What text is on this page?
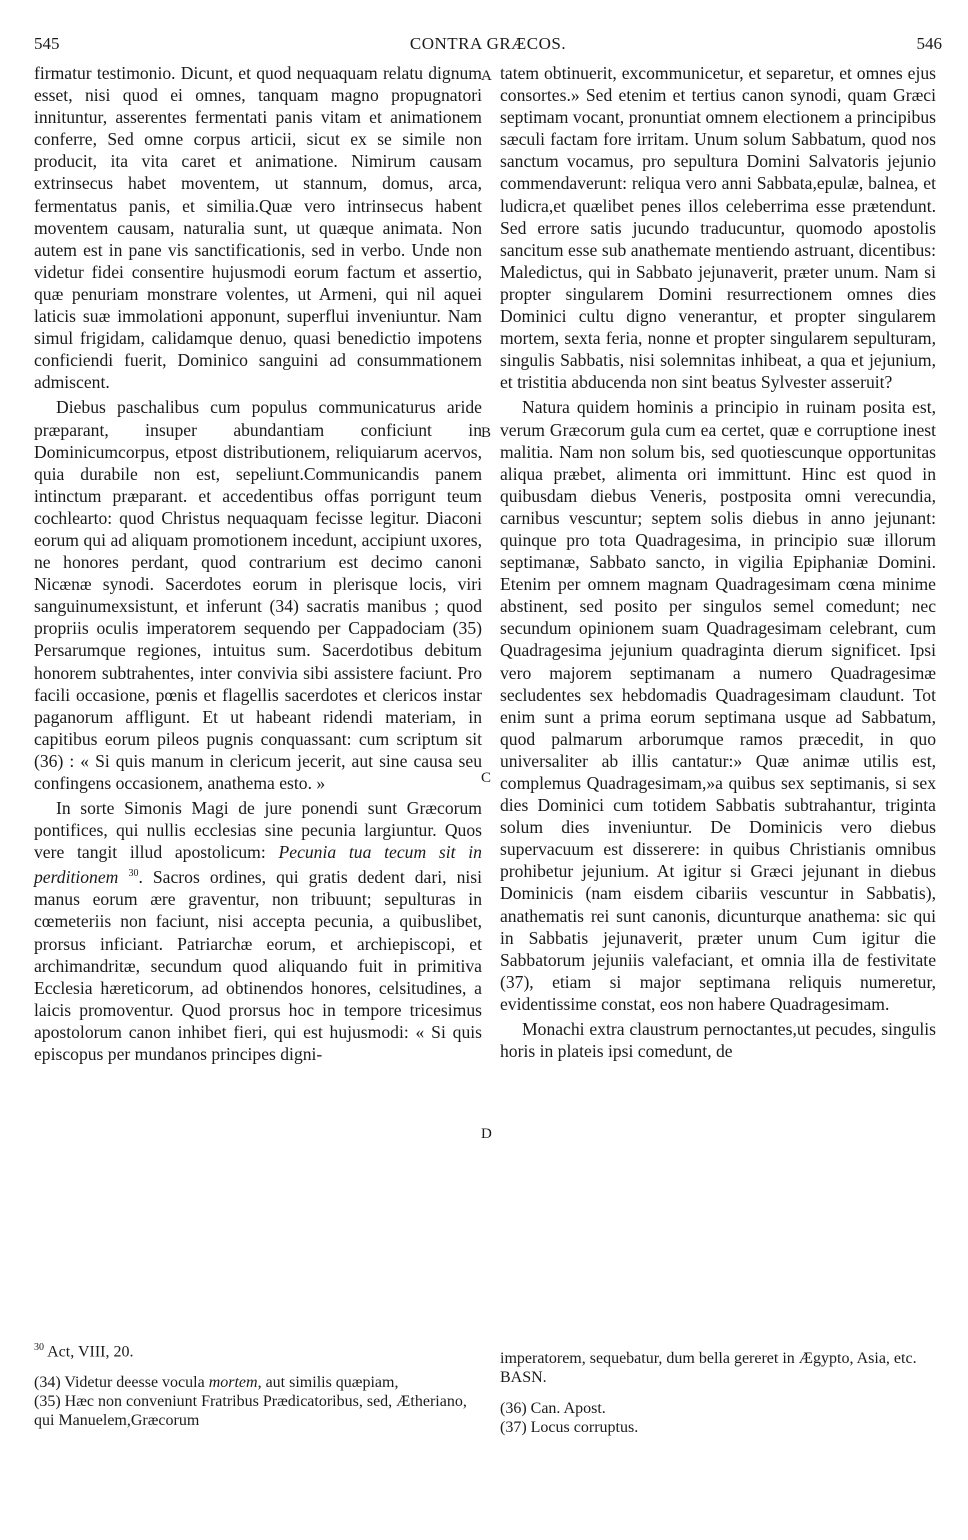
545	CONTRA GRÆCOS.	546
A
B
C
D

firmatur testimonio. Dicunt, et quod nequaquam relatu dignum esset, nisi quod ei omnes, tanquam magno propugnatori innituntur, asserentes fermentati panis vitam et animationem conferre, Sed omne corpus articii, sicut ex se simile non producit, ita vita caret et animatione. Nimirum causam extrinsecus habet moventem, ut stannum, domus, arca, fermentatus panis, et similia.Quæ vero intrinsecus habent moventem causam, naturalia sunt, ut quæque animata. Non autem est in pane vis sanctificationis, sed in verbo. Unde non videtur fidei consentire hujusmodi eorum factum et assertio, quæ penuriam monstrare volentes, ut Armeni, qui nil aquei laticis suæ immolationi apponunt, superflui inveniuntur. Nam simul frigidam, calidamque denuo, quasi benedictio impotens conficiendi fuerit, Dominico sanguini ad consummationem admiscent.

Diebus paschalibus cum populus communicaturus aride præparant, insuper abundantiam conficiunt in Dominicumcorpus, etpost distributionem, reliquiarum acervos, quia durabile non est, sepeliunt.Communicandis panem intinctum præparant. et accedentibus offas porrigunt teum cochlearto: quod Christus nequaquam fecisse legitur. Diaconi eorum qui ad aliquam promotionem incedunt, accipiunt uxores, ne honores perdant, quod contrarium est decimo canoni Nicænæ synodi. Sacerdotes eorum in plerisque locis, viri sanguinumexsistunt, et inferunt (34) sacratis manibus ; quod propriis oculis imperatorem sequendo per Cappadociam (35) Persarumque regiones, intuitus sum. Sacerdotibus debitum honorem subtrahentes, inter convivia sibi assistere faciunt. Pro facili occasione, pœnis et flagellis sacerdotes et clericos instar paganorum affligunt. Et ut habeant ridendi materiam, in capitibus eorum pileos pugnis conquassant: cum scriptum sit (36) : « Si quis manum in clericum jecerit, aut sine causa seu confingens occasionem, anathema esto. »

In sorte Simonis Magi de jure ponendi sunt Græcorum pontifices, qui nullis ecclesias sine pecunia largiuntur. Quos vere tangit illud apostolicum: Pecunia tua tecum sit in perditionem $^{30}$. Sacros ordines, qui gratis dedent dari, nisi manus eorum ære graventur, non tribuunt; sepulturas in cœmeteriis non faciunt, nisi accepta pecunia, a quibuslibet, prorsus inficiant. Patriarchæ eorum, et archiepiscopi, et archimandritæ, secundum quod aliquando fuit in primitiva Ecclesia hæreticorum, ad obtinendos honores, celsitudines, a laicis promoventur. Quod prorsus hoc in tempore tricesimus apostolorum canon inhibet fieri, qui est hujusmodi: « Si quis episcopus per mundanos principes digni-

tatem obtinuerit, excommunicetur, et separetur, et omnes ejus consortes.» Sed etenim et tertius canon synodi, quam Græci septimam vocant, pronuntiat omnem electionem a principibus sæculi factam fore irritam. Unum solum Sabbatum, quod nos sanctum vocamus, pro sepultura Domini Salvatoris jejunio commendaverunt: reliqua vero anni Sabbata,epulæ, balnea, et ludicra,et quælibet penes illos celeberrima esse prætendunt. Sed errore satis jucundo traducuntur, quomodo apostolis sancitum esse sub anathemate mentiendo astruant, dicentibus: Maledictus, qui in Sabbato jejunaverit, præter unum. Nam si propter singularem Domini resurrectionem omnes dies Dominici cultu digno venerantur, et propter singularem mortem, sexta feria, nonne et propter singularem sepulturam, singulis Sabbatis, nisi solemnitas inhibeat, a qua et jejunium, et tristitia abducenda non sint beatus Sylvester asseruit?

Natura quidem hominis a principio in ruinam posita est, verum Græcorum gula cum ea certet, quæ e corruptione inest malitia. Nam non solum bis, sed quotiescunque opportunitas aliqua præbet, alimenta ori immittunt. Hinc est quod in quibusdam diebus Veneris, postposita omni verecundia, carnibus vescuntur; septem solis diebus in anno jejunant: quinque pro tota Quadragesima, in principio suæ illorum septimanæ, Sabbato sancto, in vigilia Epiphaniæ Domini. Etenim per omnem magnam Quadragesimam cœna minime abstinent, sed posito per singulos semel comedunt; nec secundum opinionem suam Quadragesimam celebrant, cum Quadragesima jejunium quadraginta dierum significet. Ipsi vero majorem septimanam a numero Quadragesimæ secludentes sex hebdomadis Quadragesimam claudunt. Tot enim sunt a prima eorum septimana usque ad Sabbatum, quod palmarum arborumque ramos præcedit, in quo universaliter ab illis cantatur:» Quæ animæ utilis est, complemus Quadragesimam,»a quibus sex septimanis, si sex dies Dominici cum totidem Sabbatis subtrahantur, triginta solum dies inveniuntur. De Dominicis vero diebus supervacuum est disserere: in quibus Christianis omnibus prohibetur jejunium. At igitur si Græci jejunant in diebus Dominicis (nam eisdem cibariis vescuntur in Sabbatis), anathematis rei sunt canonis, dicunturque anathema: sic qui in Sabbatis jejunaverit, præter unum Cum igitur die Sabbatorum jejuniis valefaciant, et omnia illa de festivitate (37), etiam si major septimana reliquis numeretur, evidentissime constat, eos non habere Quadragesimam.

Monachi extra claustrum pernoctantes,ut pecudes, singulis horis in plateis ipsi comedunt, de

$^{30}$ Act, VIII, 20.

(34) Videtur deesse vocula mortem, aut similis quæpiam,

(35) Hæc non conveniunt Fratribus Prædicatoribus, sed, Ætheriano, qui Manuelem,Græcorum

imperatorem, sequebatur, dum bella gereret in Ægypto, Asia, etc. BASN.

(36) Can. Apost.

(37) Locus corruptus.
